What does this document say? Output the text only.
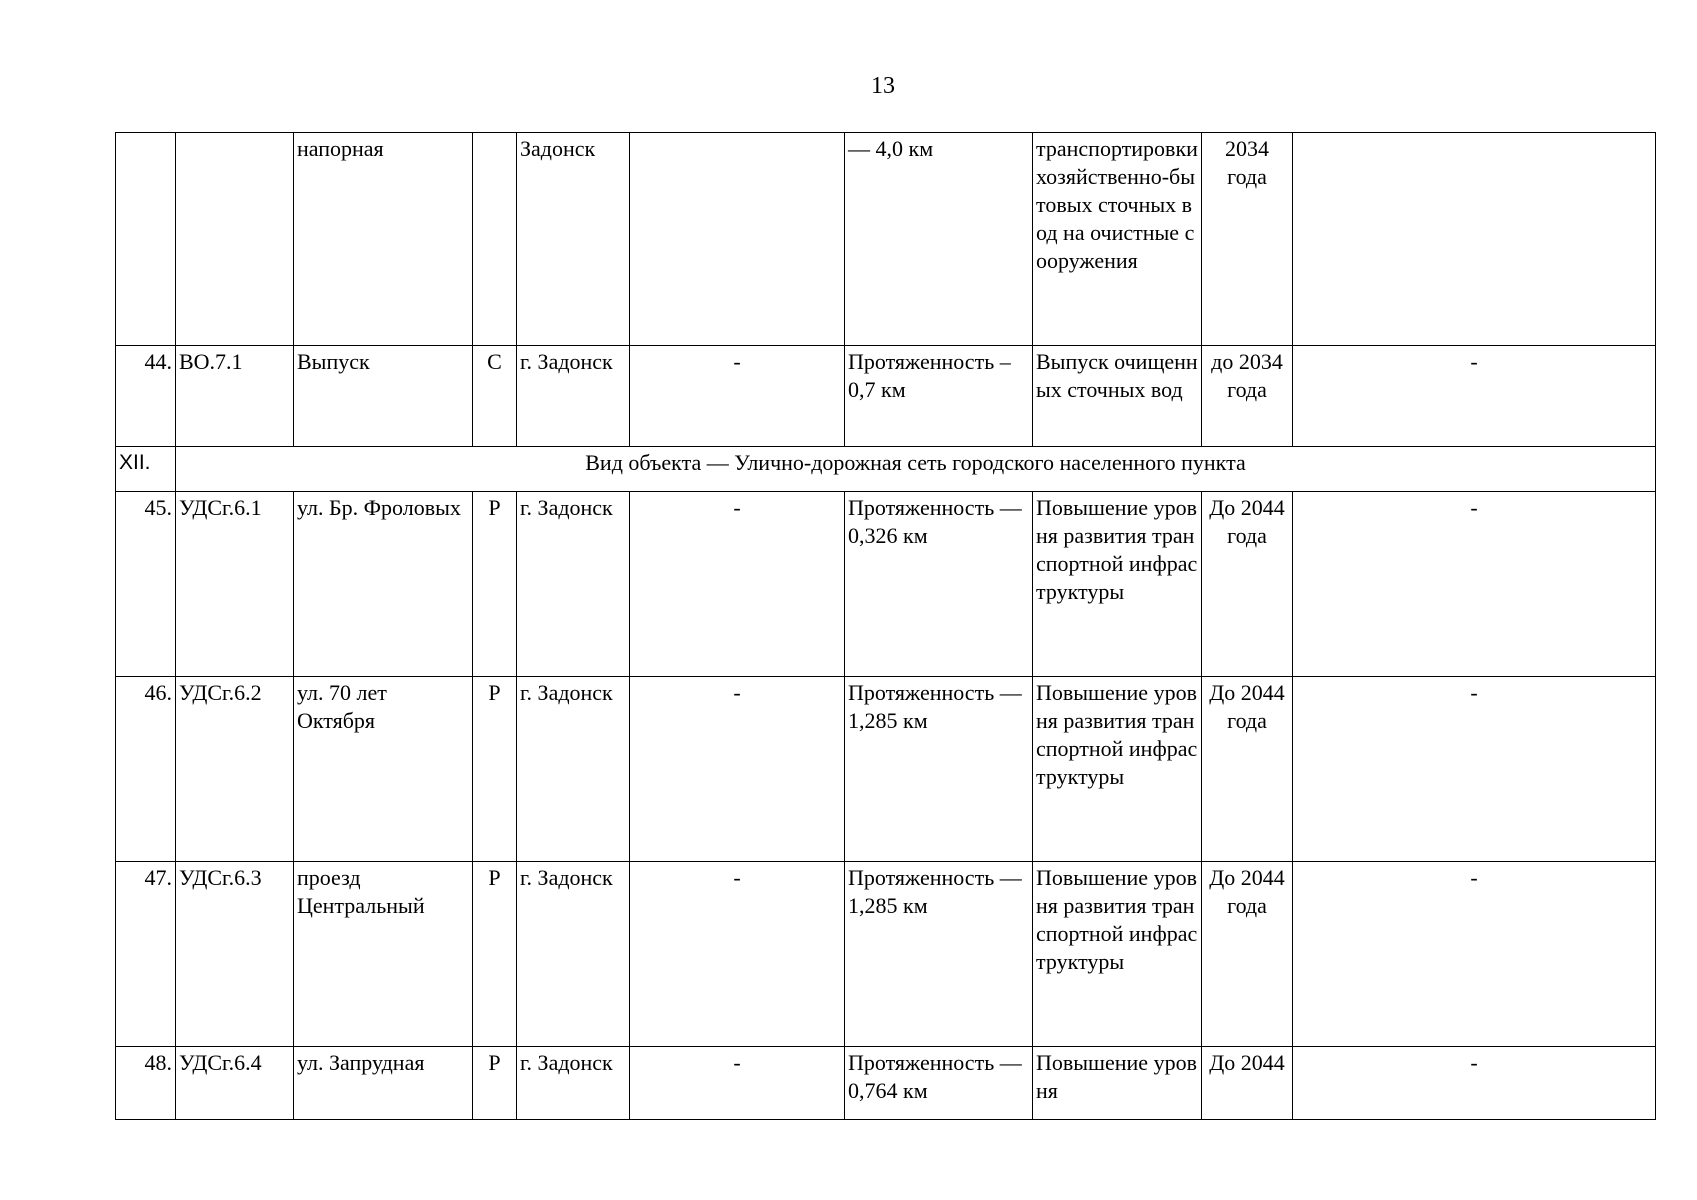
13
		напорная		Задонск		— 4,0 км	транспортировки хозяйственно-бытовых сточных вод на очистные сооружения	2034 года	
44.	ВО.7.1	Выпуск	С	г. Задонск	-	Протяженность – 0,7 км	Выпуск очищенных сточных вод	до 2034 года	-
XII.	Вид объекта — Улично-дорожная сеть городского населенного пункта								
45.	УДСг.6.1	ул. Бр. Фроловых	Р	г. Задонск	-	Протяженность — 0,326 км	Повышение уровня развития транспортной инфраструктуры	До 2044 года	-
46.	УДСг.6.2	ул. 70 лет Октября	Р	г. Задонск	-	Протяженность — 1,285 км	Повышение уровня развития транспортной инфраструктуры	До 2044 года	-
47.	УДСг.6.3	проезд Центральный	Р	г. Задонск	-	Протяженность — 1,285 км	Повышение уровня развития транспортной инфраструктуры	До 2044 года	-
48.	УДСг.6.4	ул. Запрудная	Р	г. Задонск	-	Протяженность — 0,764 км	Повышение уровня	До 2044	-
